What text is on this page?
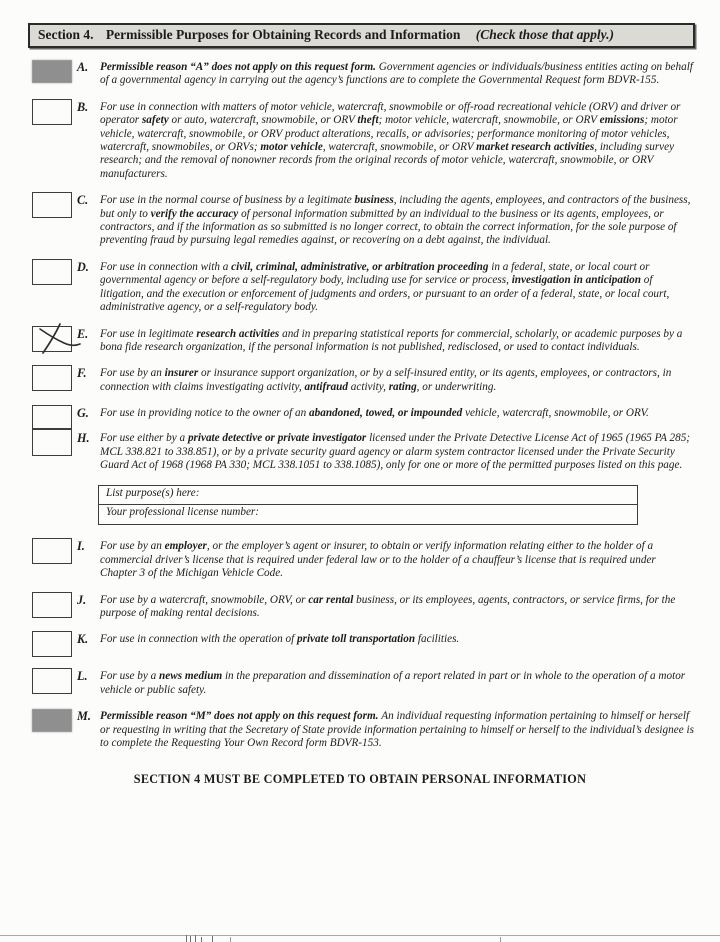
Section 4. Permissible Purposes for Obtaining Records and Information (Check those that apply.)
A.	Permissible reason “A” does not apply on this request form. Government agencies or individuals/business entities acting on behalf of a governmental agency in carrying out the agency’s functions are to complete the Governmental Request form BDVR-155.
B.	For use in connection with matters of motor vehicle, watercraft, snowmobile or off-road recreational vehicle (ORV) and driver or operator safety or auto, watercraft, snowmobile, or ORV theft; motor vehicle, watercraft, snowmobile, or ORV emissions; motor vehicle, watercraft, snowmobile, or ORV product alterations, recalls, or advisories; performance monitoring of motor vehicles, watercraft, snowmobiles, or ORVs; motor vehicle, watercraft, snowmobile, or ORV market research activities, including survey research; and the removal of nonowner records from the original records of motor vehicle, watercraft, snowmobile, or ORV manufacturers.
C.	For use in the normal course of business by a legitimate business, including the agents, employees, and contractors of the business, but only to verify the accuracy of personal information submitted by an individual to the business or its agents, employees, or contractors, and if the information as so submitted is no longer correct, to obtain the correct information, for the sole purpose of preventing fraud by pursuing legal remedies against, or recovering on a debt against, the individual.
D. For use in connection with a civil, criminal, administrative, or arbitration proceeding in a federal, state, or local court or governmental agency or before a self-regulatory body, including use for service or process, investigation in anticipation of litigation, and the execution or enforcement of judgments and orders, or pursuant to an order of a federal, state, or local court, administrative agency, or a self-regulatory body.
E.	For use in legitimate research activities and in preparing statistical reports for commercial, scholarly, or academic purposes by a bona fide research organization, if the personal information is not published, redisclosed, or used to contact individuals.
F.	For use by an insurer or insurance support organization, or by a self-insured entity, or its agents, employees, or contractors, in connection with claims investigating activity, antifraud activity, rating, or underwriting.
G. For use in providing notice to the owner of an abandoned, towed, or impounded vehicle, watercraft, snowmobile, or ORV.
H. For use either by a private detective or private investigator licensed under the Private Detective License Act of 1965 (1965 PA 285; MCL 338.821 to 338.851), or by a private security guard agency or alarm system contractor licensed under the Private Security Guard Act of 1968 (1968 PA 330; MCL 338.1051 to 338.1085), only for one or more of the permitted purposes listed on this page.
List purpose(s) here:
Your professional license number:
I.	For use by an employer, or the employer’s agent or insurer, to obtain or verify information relating either to the holder of a commercial driver’s license that is required under federal law or to the holder of a chauffeur’s license that is required under Chapter 3 of the Michigan Vehicle Code.
J.	For use by a watercraft, snowmobile, ORV, or car rental business, or its employees, agents, contractors, or service firms, for the purpose of making rental decisions.
K.	For use in connection with the operation of private toll transportation facilities.
L.	For use by a news medium in the preparation and dissemination of a report related in part or in whole to the operation of a motor vehicle or public safety.
M. Permissible reason “M” does not apply on this request form. An individual requesting information pertaining to himself or herself or requesting in writing that the Secretary of State provide information pertaining to himself or herself to the individual’s designee is to complete the Requesting Your Own Record form BDVR-153.
SECTION 4 MUST BE COMPLETED TO OBTAIN PERSONAL INFORMATION
